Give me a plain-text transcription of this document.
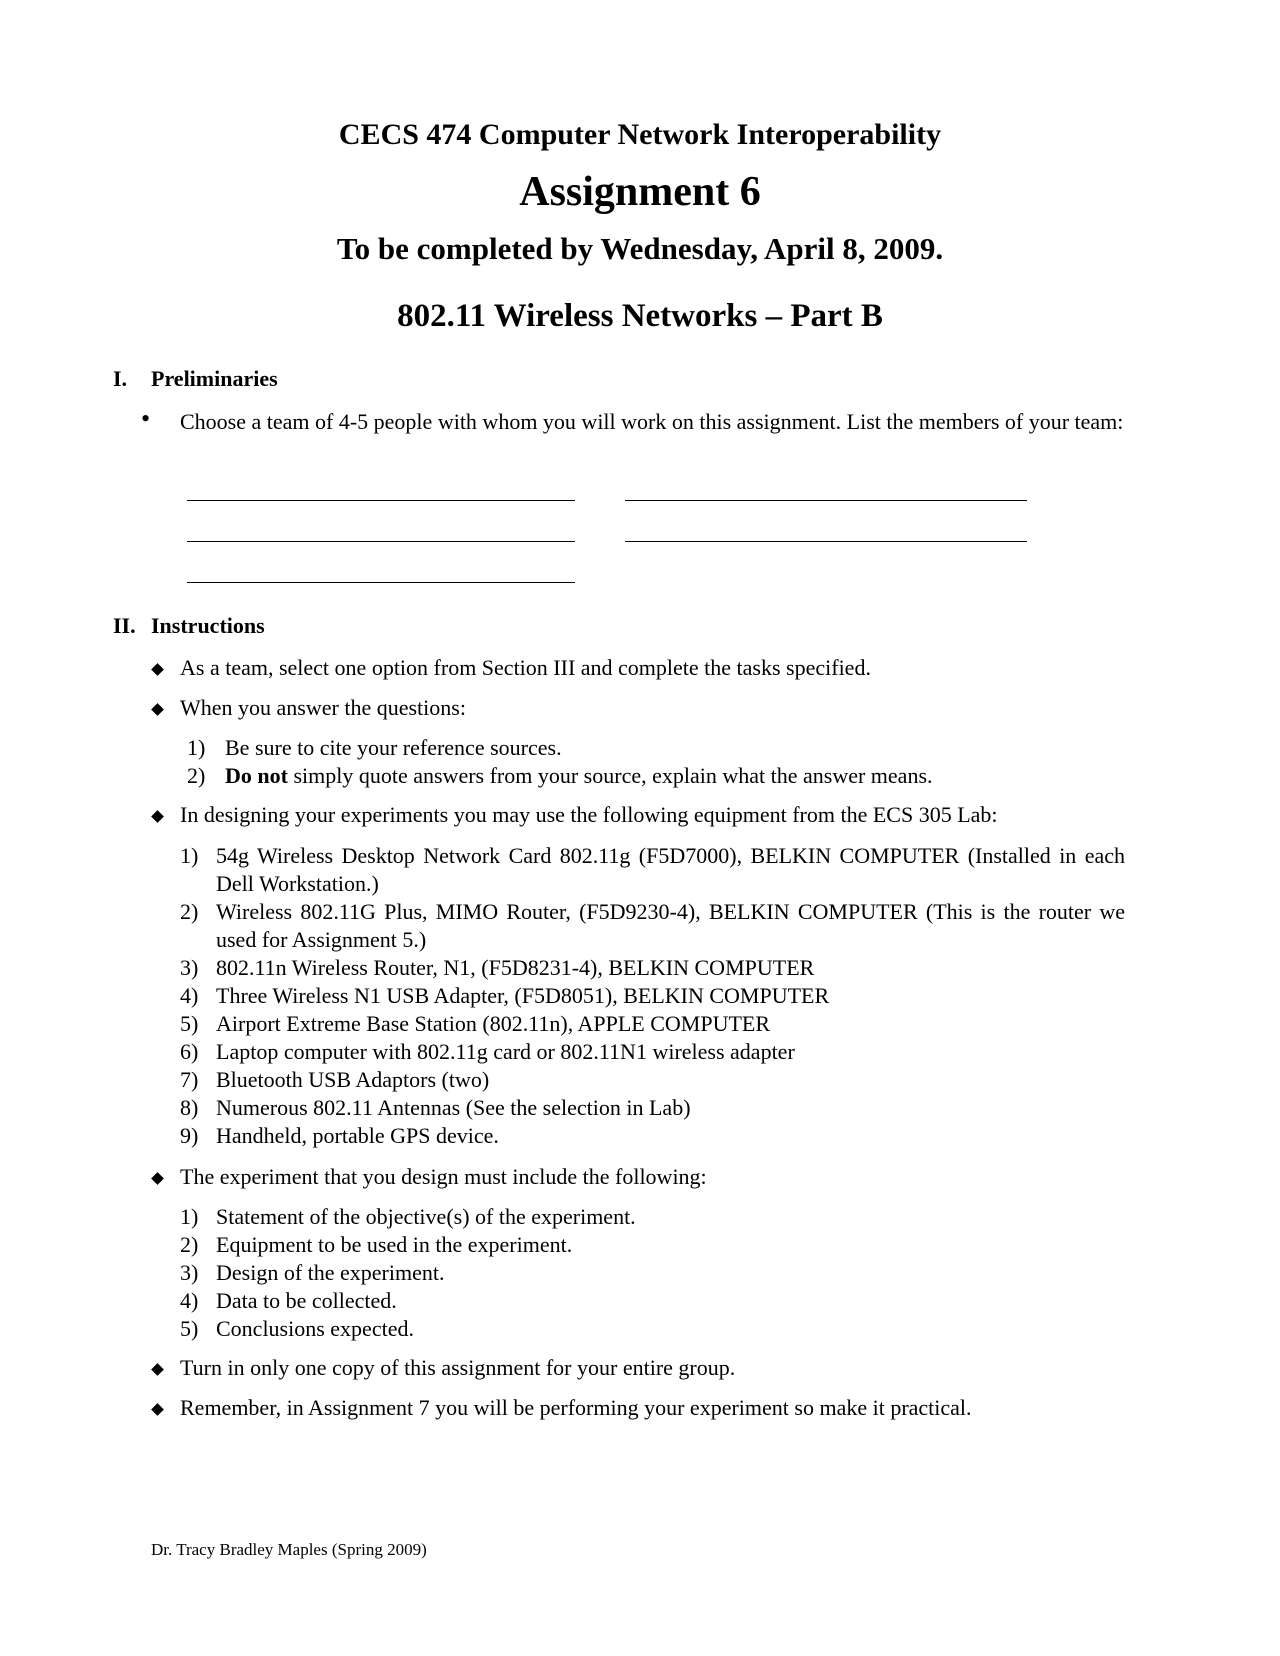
CECS 474 Computer Network Interoperability
Assignment 6
To be completed by Wednesday, April 8, 2009.
802.11 Wireless Networks – Part B
I. Preliminaries
• Choose a team of 4-5 people with whom you will work on this assignment. List the members of your team:
II. Instructions
As a team, select one option from Section III and complete the tasks specified.
When you answer the questions:
1) Be sure to cite your reference sources.
2) Do not simply quote answers from your source, explain what the answer means.
In designing your experiments you may use the following equipment from the ECS 305 Lab:
1) 54g Wireless Desktop Network Card 802.11g (F5D7000), BELKIN COMPUTER (Installed in each Dell Workstation.)
2) Wireless 802.11G Plus, MIMO Router, (F5D9230-4), BELKIN COMPUTER (This is the router we used for Assignment 5.)
3) 802.11n Wireless Router, N1, (F5D8231-4), BELKIN COMPUTER
4) Three Wireless N1 USB Adapter, (F5D8051), BELKIN COMPUTER
5) Airport Extreme Base Station (802.11n), APPLE COMPUTER
6) Laptop computer with 802.11g card or 802.11N1 wireless adapter
7) Bluetooth USB Adaptors (two)
8) Numerous 802.11 Antennas (See the selection in Lab)
9) Handheld, portable GPS device.
The experiment that you design must include the following:
1) Statement of the objective(s) of the experiment.
2) Equipment to be used in the experiment.
3) Design of the experiment.
4) Data to be collected.
5) Conclusions expected.
Turn in only one copy of this assignment for your entire group.
Remember, in Assignment 7 you will be performing your experiment so make it practical.
Dr. Tracy Bradley Maples (Spring 2009)
